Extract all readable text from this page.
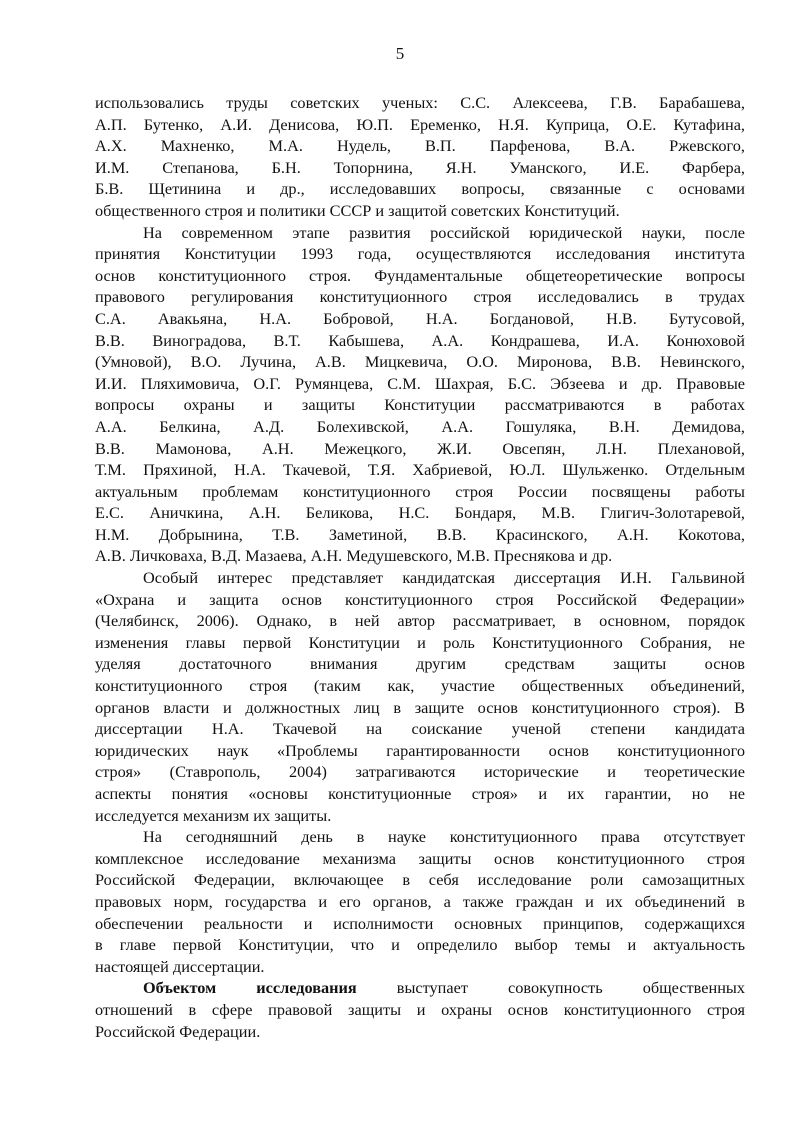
5
использовались труды советских ученых: С.С. Алексеева, Г.В. Барабашева,
А.П. Бутенко, А.И. Денисова, Ю.П. Еременко, Н.Я. Куприца, О.Е. Кутафина,
А.Х. Махненко, М.А. Нудель, В.П. Парфенова, В.А. Ржевского,
И.М. Степанова, Б.Н. Топорнина, Я.Н. Уманского, И.Е. Фарбера,
Б.В. Щетинина и др., исследовавших вопросы, связанные с основами
общественного строя и политики СССР и защитой советских Конституций.
На современном этапе развития российской юридической науки, после
принятия Конституции 1993 года, осуществляются исследования института
основ конституционного строя. Фундаментальные общетеоретические вопросы
правового регулирования конституционного строя исследовались в трудах
С.А. Авакьяна, Н.А. Бобровой, Н.А. Богдановой, Н.В. Бутусовой,
В.В. Виноградова, В.Т. Кабышева, А.А. Кондрашева, И.А. Конюховой
(Умновой), В.О. Лучина, А.В. Мицкевича, О.О. Миронова, В.В. Невинского,
И.И. Пляхимовича, О.Г. Румянцева, С.М. Шахрая, Б.С. Эбзеева и др. Правовые
вопросы охраны и защиты Конституции рассматриваются в работах
А.А. Белкина, А.Д. Болехивской, А.А. Гошуляка, В.Н. Демидова,
В.В. Мамонова, А.Н. Межецкого, Ж.И. Овсепян, Л.Н. Плехановой,
Т.М. Пряхиной, Н.А. Ткачевой, Т.Я. Хабриевой, Ю.Л. Шульженко. Отдельным
актуальным проблемам конституционного строя России посвящены работы
Е.С. Аничкина, А.Н. Беликова, Н.С. Бондаря, М.В. Глигич-Золотаревой,
Н.М. Добрынина, Т.В. Заметиной, В.В. Красинского, А.Н. Кокотова,
А.В. Личковаха, В.Д. Мазаева, А.Н. Медушевского, М.В. Преснякова и др.
Особый интерес представляет кандидатская диссертация И.Н. Гальвиной
«Охрана и защита основ конституционного строя Российской Федерации»
(Челябинск, 2006). Однако, в ней автор рассматривает, в основном, порядок
изменения главы первой Конституции и роль Конституционного Собрания, не
уделяя достаточного внимания другим средствам защиты основ
конституционного строя (таким как, участие общественных объединений,
органов власти и должностных лиц в защите основ конституционного строя). В
диссертации Н.А. Ткачевой на соискание ученой степени кандидата
юридических наук «Проблемы гарантированности основ конституционного
строя» (Ставрополь, 2004) затрагиваются исторические и теоретические
аспекты понятия «основы конституционные строя» и их гарантии, но не
исследуется механизм их защиты.
На сегодняшний день в науке конституционного права отсутствует
комплексное исследование механизма защиты основ конституционного строя
Российской Федерации, включающее в себя исследование роли самозащитных
правовых норм, государства и его органов, а также граждан и их объединений в
обеспечении реальности и исполнимости основных принципов, содержащихся
в главе первой Конституции, что и определило выбор темы и актуальность
настоящей диссертации.
Объектом исследования выступает совокупность общественных
отношений в сфере правовой защиты и охраны основ конституционного строя
Российской Федерации.
